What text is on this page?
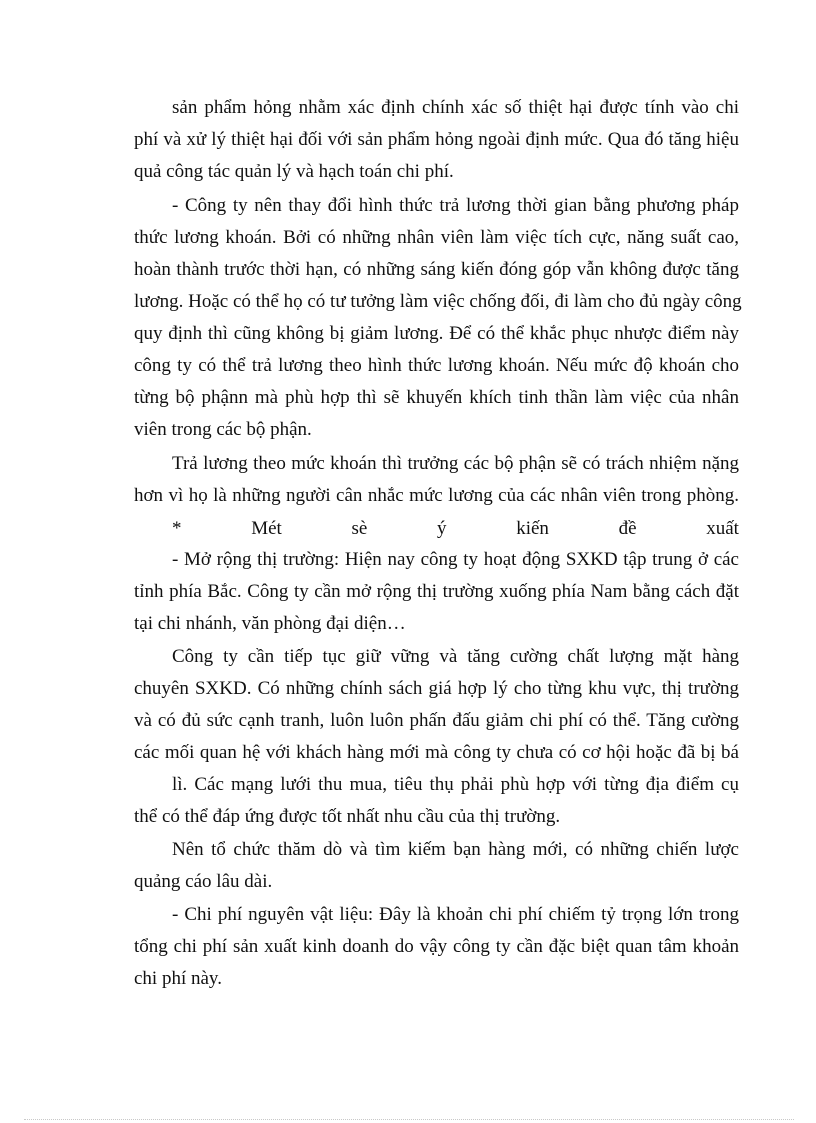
sản phẩm hỏng nhằm xác định chính xác số thiệt hại được tính vào chi
phí và xử lý thiệt hại đối với sản phẩm hỏng ngoài định mức. Qua đó tăng hiệu
quả công tác quản lý và hạch toán chi phí.
- Công ty nên thay đổi hình thức trả lương thời gian bằng phương pháp
thức lương khoán. Bởi có những nhân viên làm việc tích cực, năng suất cao,
hoàn thành trước thời hạn, có những sáng kiến đóng góp vẫn không được tăng
lương. Hoặc có thể họ có tư tưởng làm việc chống đối, đi làm cho đủ ngày công
quy định thì cũng không bị giảm lương. Để có thể khắc phục nhược điểm này
công ty có thể trả lương theo hình thức lương khoán. Nếu mức độ khoán cho
từng bộ phậnn mà phù hợp thì sẽ khuyến khích tinh thần làm việc của nhân
viên trong các bộ phận.
Trả lương theo mức khoán thì trưởng các bộ phận sẽ có trách nhiệm nặng
hơn vì họ là những người cân nhắc mức lương của các nhân viên trong phòng.
*	Mét	sè	ý	kiến	đề	xuất
- Mở rộng thị trường: Hiện nay công ty hoạt động SXKD tập trung ở các
tỉnh phía Bắc. Công ty cần mở rộng thị trường xuống phía Nam bằng cách đặt
tại chi nhánh, văn phòng đại diện…
Công ty cần tiếp tục giữ vững và tăng cường chất lượng mặt hàng
chuyên SXKD. Có những chính sách giá hợp lý cho từng khu vực, thị trường
và có đủ sức cạnh tranh, luôn luôn phấn đấu giảm chi phí có thể. Tăng cường
các mối quan hệ với khách hàng mới mà công ty chưa có cơ hội hoặc đã bị bá
lì. Các mạng lưới thu mua, tiêu thụ phải phù hợp với từng địa điểm cụ
thể có thể đáp ứng được tốt nhất nhu cầu của thị trường.
Nên tổ chức thăm dò và tìm kiếm bạn hàng mới, có những chiến lược
quảng cáo lâu dài.
- Chi phí nguyên vật liệu: Đây là khoản chi phí chiếm tỷ trọng lớn trong
tổng chi phí sản xuất kinh doanh do vậy công ty cần đặc biệt quan tâm khoản
chi phí này.
